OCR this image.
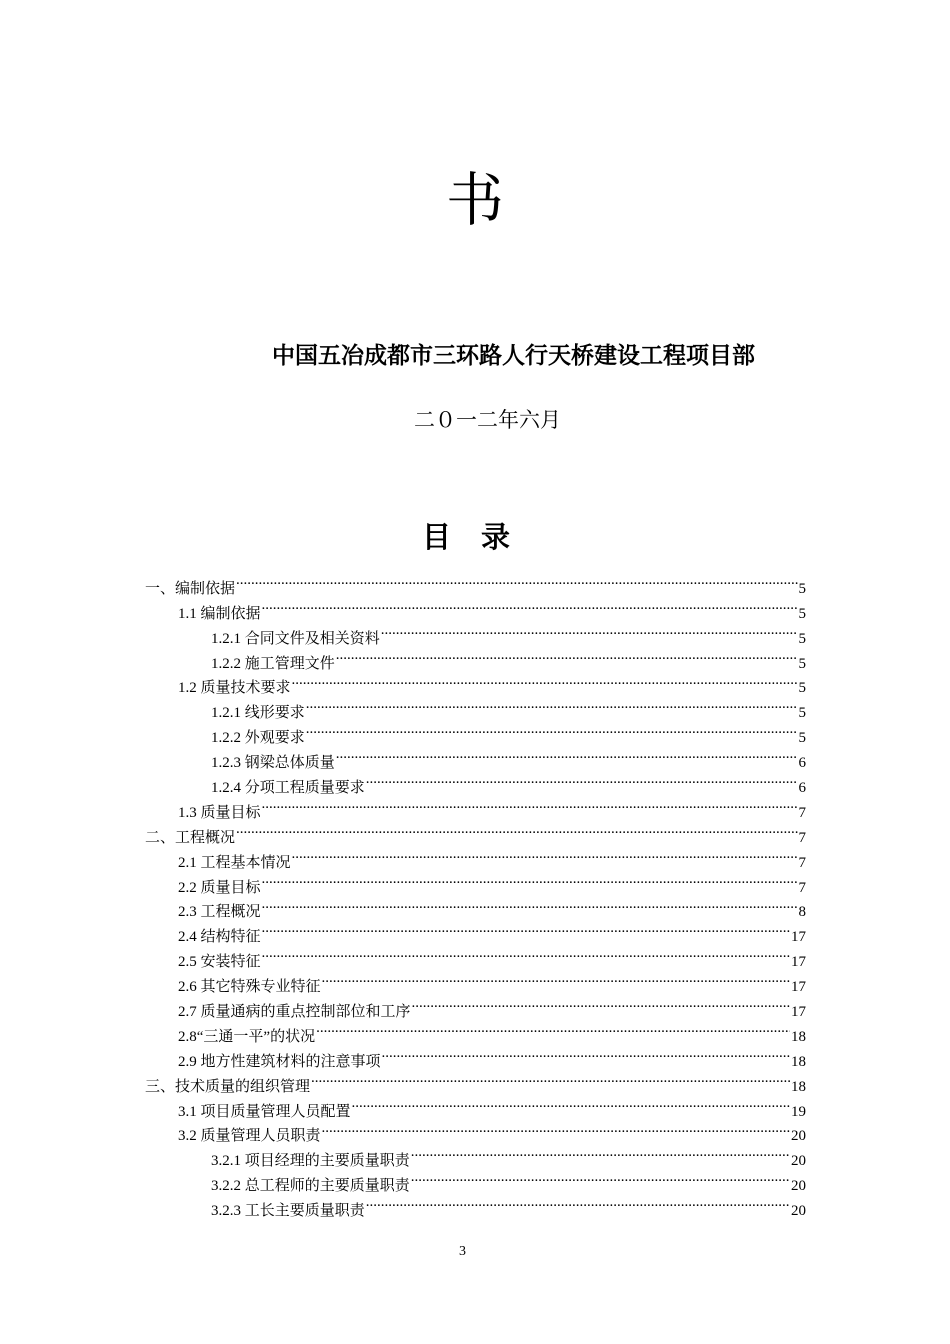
书
中国五冶成都市三环路人行天桥建设工程项目部
二０一二年六月
目录
一、编制依据 .....	5
1.1 编制依据 .....	5
1.2.1 合同文件及相关资料 .....	5
1.2.2 施工管理文件 .....	5
1.2 质量技术要求 .....	5
1.2.1 线形要求 .....	5
1.2.2 外观要求 .....	5
1.2.3 钢梁总体质量 .....	6
1.2.4 分项工程质量要求 .....	6
1.3 质量目标 .....	7
二、工程概况 .....	7
2.1 工程基本情况 .....	7
2.2 质量目标 .....	7
2.3 工程概况 .....	8
2.4 结构特征 .....	17
2.5 安装特征 .....	17
2.6 其它特殊专业特征 .....	17
2.7 质量通病的重点控制部位和工序 .....	17
2.8“三通一平”的状况 .....	18
2.9 地方性建筑材料的注意事项 .....	18
三、技术质量的组织管理 .....	18
3.1 项目质量管理人员配置 .....	19
3.2 质量管理人员职责 .....	20
3.2.1 项目经理的主要质量职责 .....	20
3.2.2 总工程师的主要质量职责 .....	20
3.2.3 工长主要质量职责 .....	20
3
